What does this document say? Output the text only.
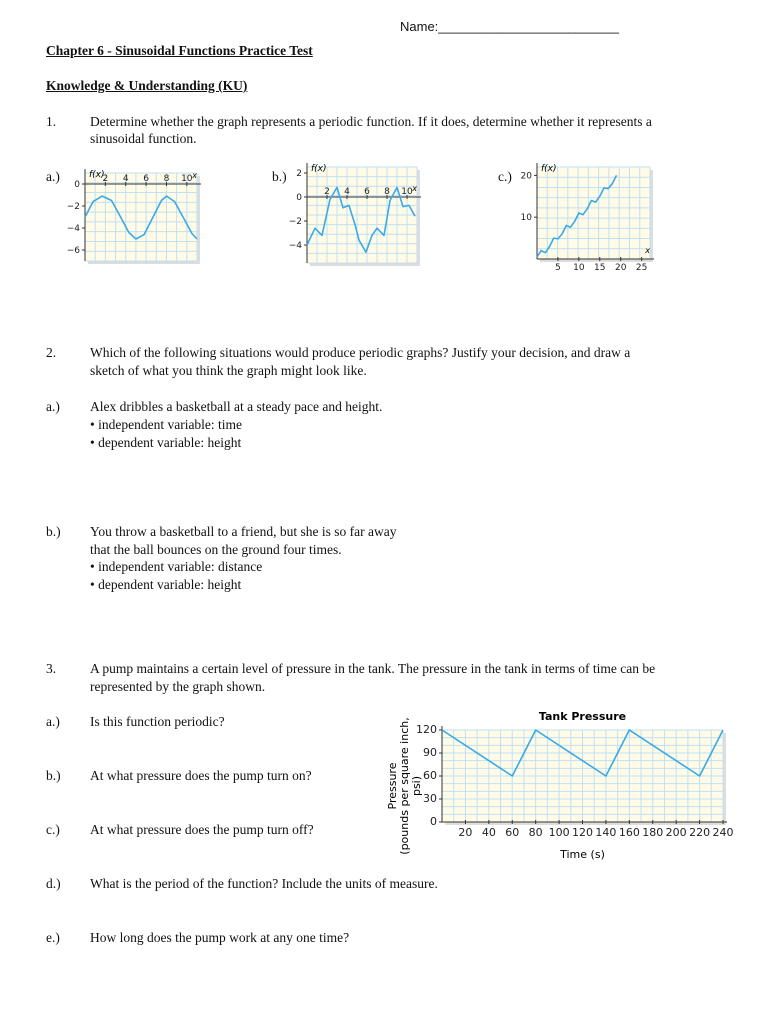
Name:_________________________
Chapter 6 - Sinusoidal Functions Practice Test
Knowledge & Understanding (KU)
1.	Determine whether the graph represents a periodic function. If it does, determine whether it represents a
sinusoidal function.
a.)	b.)	c.)
2 4 6 8 10
0
−2
−4
−6
f(x)	x
2 4 6 8 10
2
0
−2
−4
f(x)
x
5 10 15 20 25
10
20
f(x)
x
2.	Which of the following situations would produce periodic graphs? Justify your decision, and draw a
sketch of what you think the graph might look like.
a.) Alex dribbles a basketball at a steady pace and height.
• independent variable: time
• dependent variable: height
b.) You throw a basketball to a friend, but she is so far away
that the ball bounces on the ground four times.
• independent variable: distance
• dependent variable: height
3.	A pump maintains a certain level of pressure in the tank. The pressure in the tank in terms of time can be
represented by the graph shown.
a.) Is this function periodic?
b.) At what pressure does the pump turn on?
c.) At what pressure does the pump turn off?
d.) What is the period of the function? Include the units of measure.
e.) How long does the pump work at any one time?
20 40 60 80 100 120 140 160 180 200 220 240
0
30
60
90
120
Tank Pressure
Time (s)
Pressure(pounds per square inch,psi)
